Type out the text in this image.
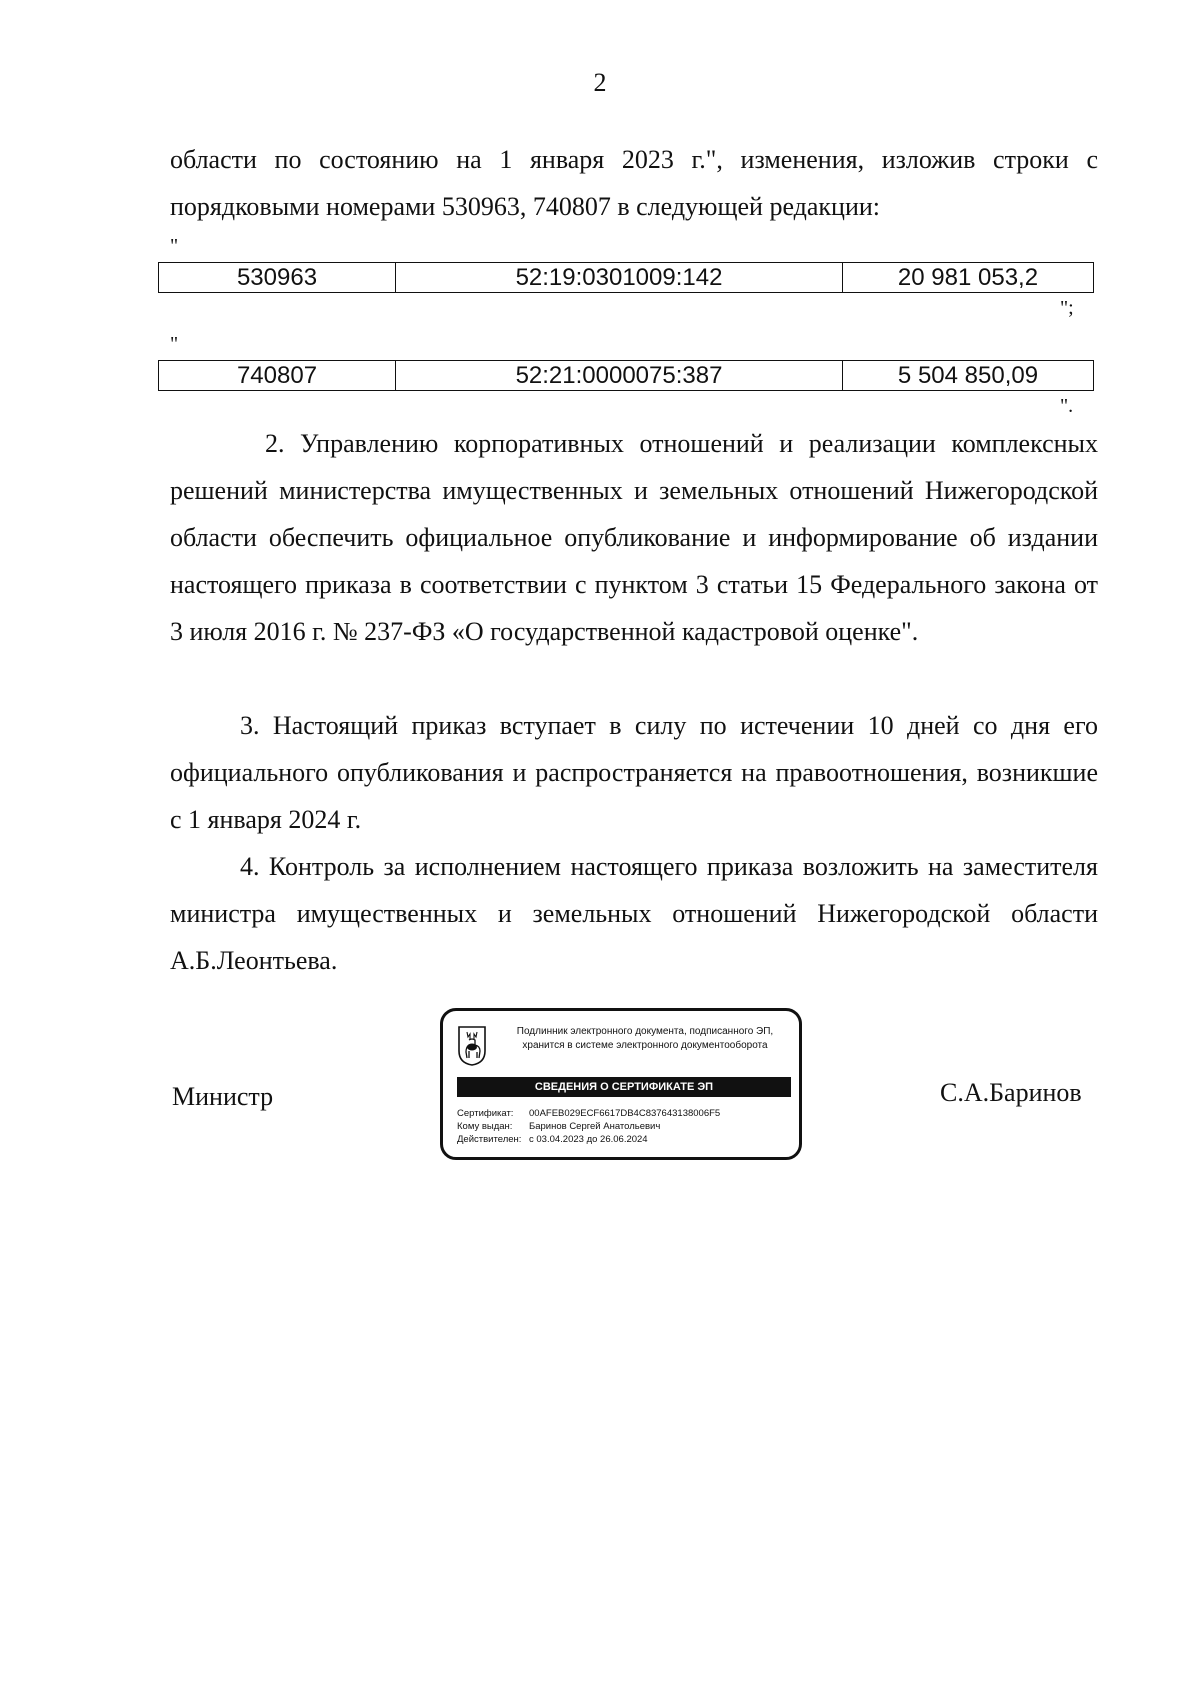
2
области по состоянию на 1 января 2023 г.", изменения, изложив строки с порядковыми номерами 530963, 740807 в следующей редакции:
"
530963	52:19:0301009:142	20 981 053,2
";
"
740807	52:21:0000075:387	5 504 850,09
".
2. Управлению корпоративных отношений и реализации комплексных решений министерства имущественных и земельных отношений Нижегородской области обеспечить официальное опубликование и информирование об издании настоящего приказа в соответствии с пунктом 3 статьи 15 Федерального закона от 3 июля 2016 г. № 237-ФЗ «О государственной кадастровой оценке".
3. Настоящий приказ вступает в силу по истечении 10 дней со дня его официального опубликования и распространяется на правоотношения, возникшие с 1 января 2024 г.
4. Контроль за исполнением настоящего приказа возложить на заместителя министра имущественных и земельных отношений Нижегородской области А.Б.Леонтьева.
Министр	С.А.Баринов
Подлинник электронного документа, подписанного ЭП, хранится в системе электронного документооборота
СВЕДЕНИЯ О СЕРТИФИКАТЕ ЭП
Сертификат: 00AFEB029ECF6617DB4C837643138006F5
Кому выдан: Баринов Сергей Анатольевич
Действителен: с 03.04.2023 до 26.06.2024
